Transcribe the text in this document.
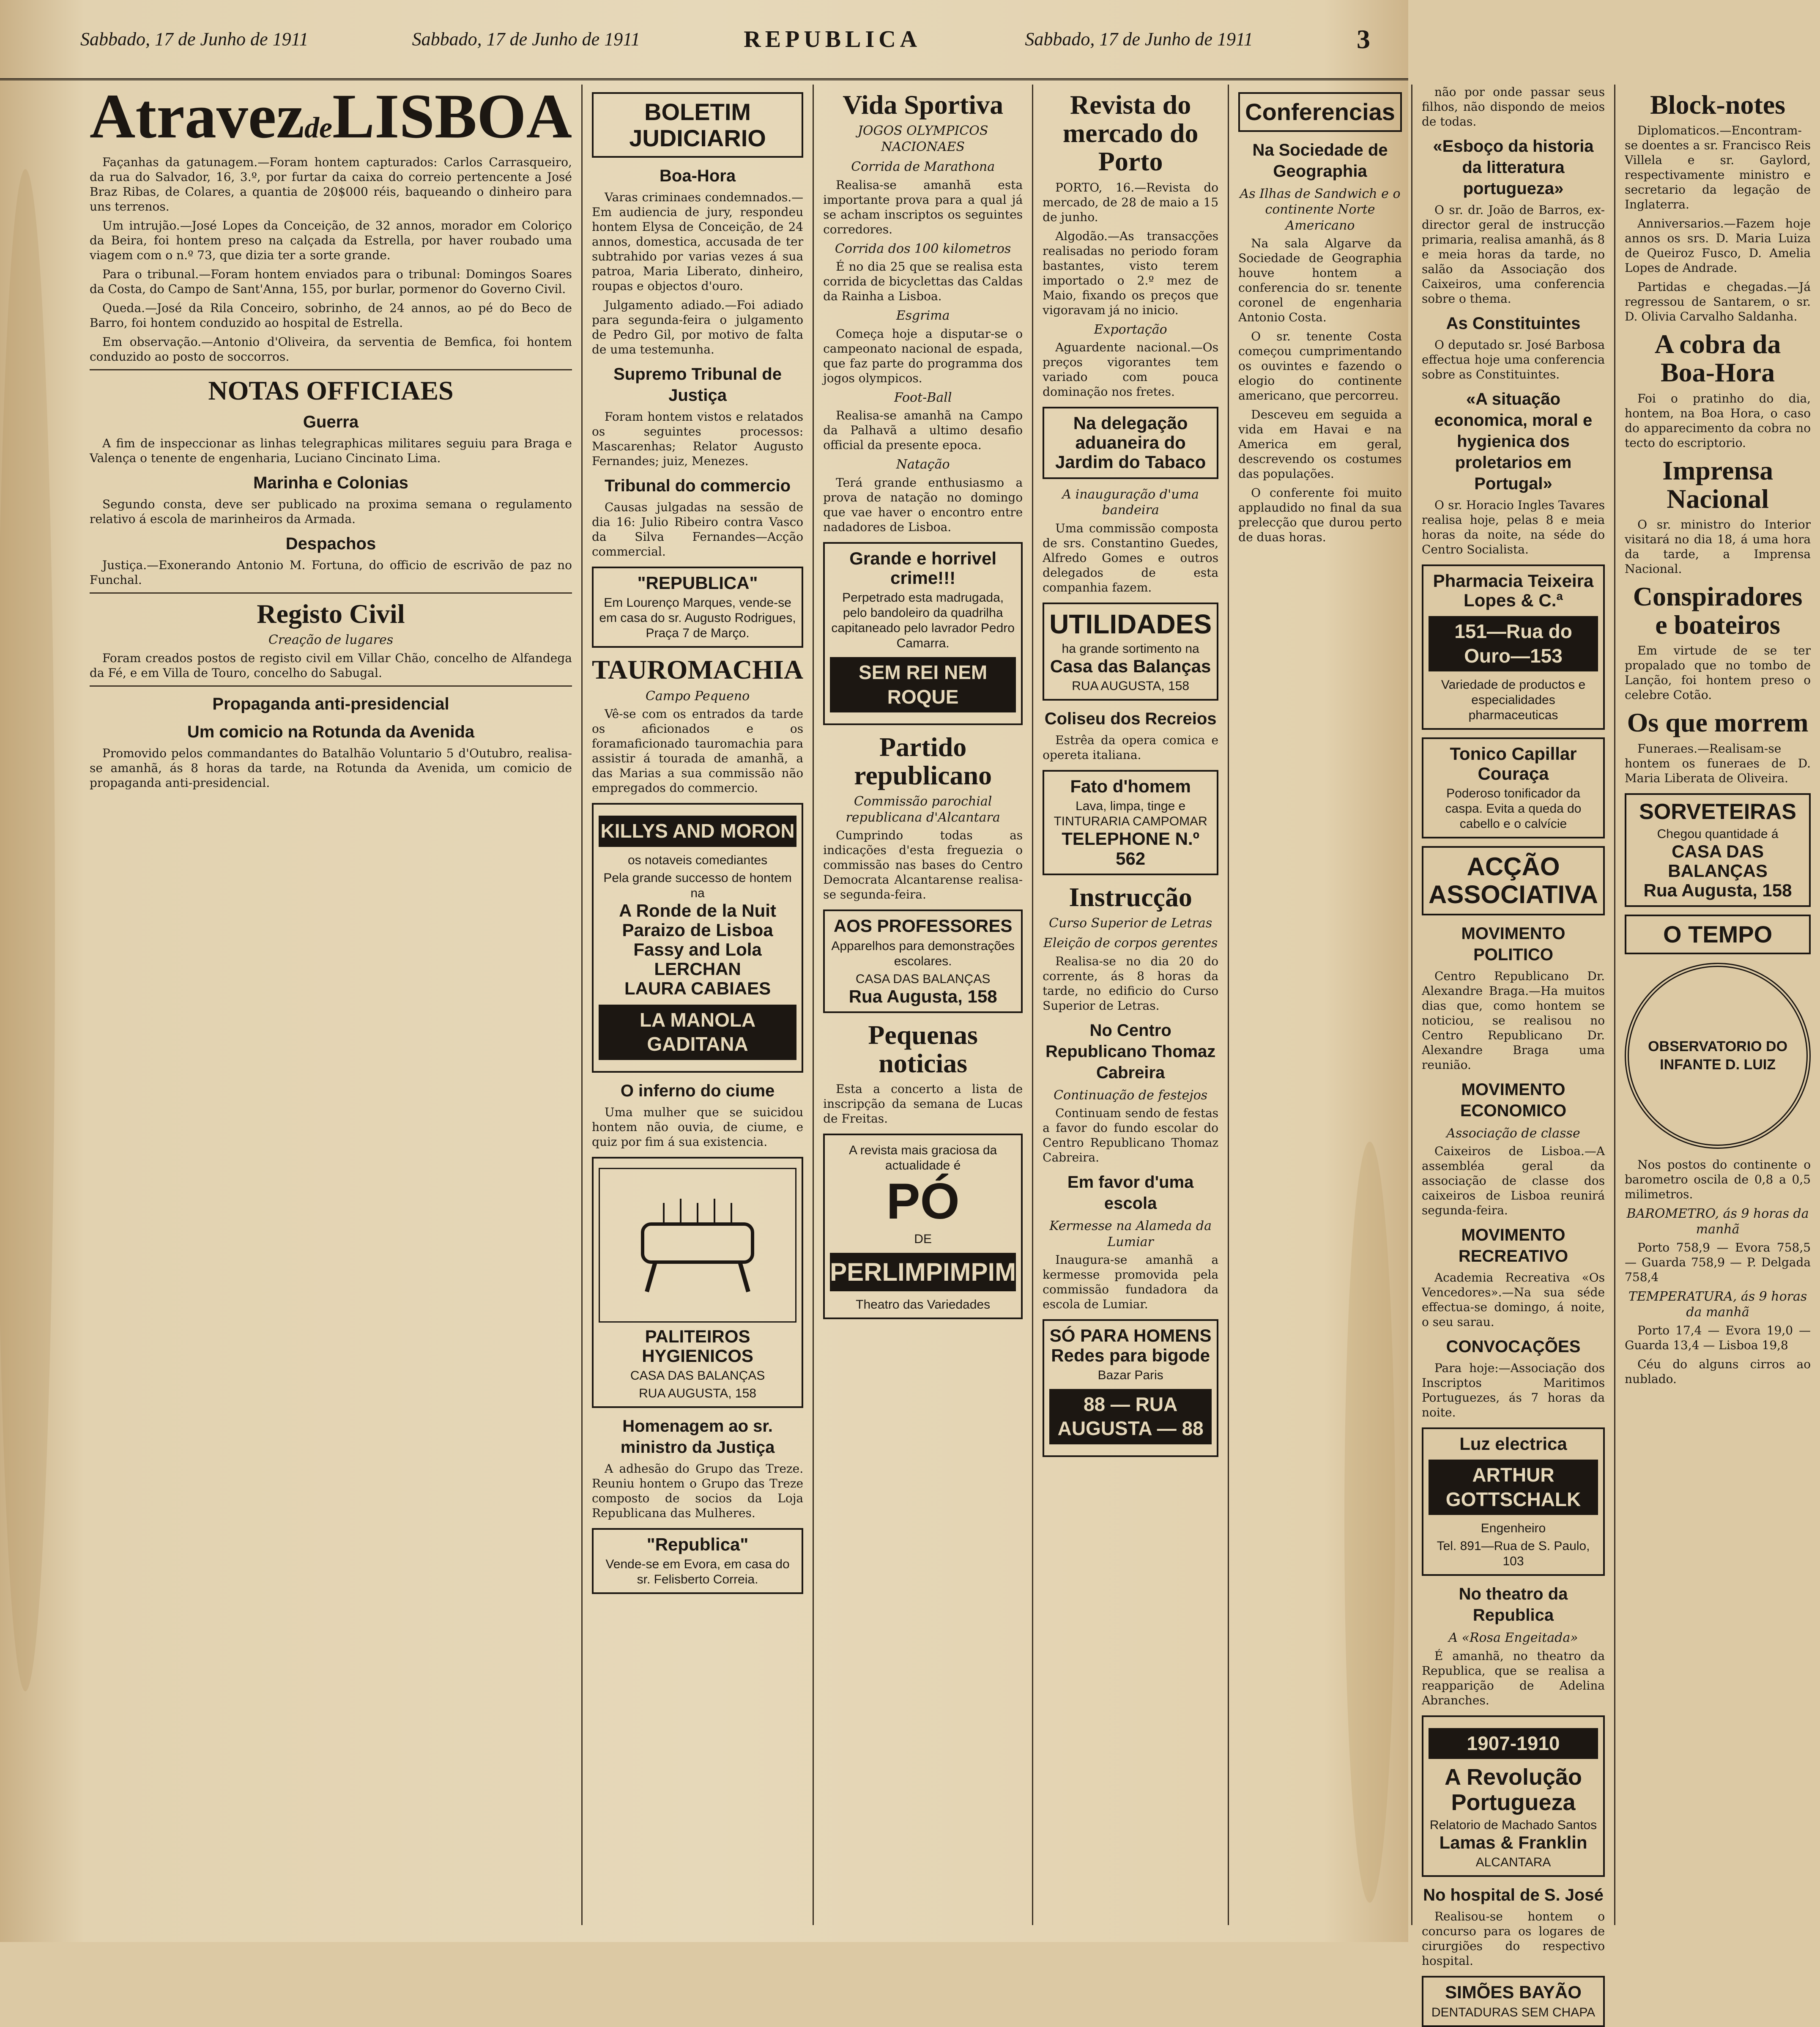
Sabbado, 17 de Junho de 1911	Sabbado, 17 de Junho de 1911	REPUBLICA	Sabbado, 17 de Junho de 1911	3
AtravezdeLISBOA

Façanhas da gatunagem.—Foram hontem capturados: Carlos Carrasqueiro, da rua do Salvador, 16, 3.º, por furtar da caixa do correio pertencente a José Braz Ribas, de Colares, a quantia de 20$000 réis, baqueando o dinheiro para uns terrenos.

Um intrujão.—José Lopes da Conceição, de 32 annos, morador em Coloriço da Beira, foi hontem preso na calçada da Estrella, por haver roubado uma viagem com o n.º 73, que dizia ter a sorte grande.

Para o tribunal.—Foram hontem enviados para o tribunal: Domingos Soares da Costa, do Campo de Sant'Anna, 155, por burlar, pormenor do Governo Civil.

Queda.—José da Rila Conceiro, sobrinho, de 24 annos, ao pé do Beco de Barro, foi hontem conduzido ao hospital de Estrella.

Em observação.—Antonio d'Oliveira, da serventia de Bemfica, foi hontem conduzido ao posto de soccorros.

NOTAS OFFICIAES
Guerra

A fim de inspeccionar as linhas telegraphicas militares seguiu para Braga e Valença o tenente de engenharia, Luciano Cincinato Lima.

Marinha e Colonias

Segundo consta, deve ser publicado na proxima semana o regulamento relativo á escola de marinheiros da Armada.

Despachos

Justiça.—Exonerando Antonio M. Fortuna, do officio de escrivão de paz no Funchal.

Registo Civil
Creação de lugares

Foram creados postos de registo civil em Villar Chão, concelho de Alfandega da Fé, e em Villa de Touro, concelho do Sabugal.

Propaganda anti-presidencial
Um comicio na Rotunda da Avenida

Promovido pelos commandantes do Batalhão Voluntario 5 d'Outubro, realisa-se amanhã, ás 8 horas da tarde, na Rotunda da Avenida, um comicio de propaganda anti-presidencial.

BOLETIM JUDICIARIO
Boa-Hora

Varas criminaes condemnados.—Em audiencia de jury, respondeu hontem Elysa de Conceição, de 24 annos, domestica, accusada de ter subtrahido por varias vezes á sua patroa, Maria Liberato, dinheiro, roupas e objectos d'ouro.

Julgamento adiado.—Foi adiado para segunda-feira o julgamento de Pedro Gil, por motivo de falta de uma testemunha.

Supremo Tribunal de Justiça

Foram hontem vistos e relatados os seguintes processos: Mascarenhas; Relator Augusto Fernandes; juiz, Menezes.

Tribunal do commercio

Causas julgadas na sessão de dia 16: Julio Ribeiro contra Vasco da Silva Fernandes—Acção commercial.

"REPUBLICA"
Em Lourenço Marques, vende-se em casa do sr. Augusto Rodrigues, Praça 7 de Março.
TAUROMACHIA
Campo Pequeno

Vê-se com os entrados da tarde os aficionados e os foramaficionado tauromachia para assistir á tourada de amanhã, a das Marias a sua commissão não empregados do commercio.

KILLYS AND MORON
os notaveis comediantes
Pela grande successo de hontem na
A Ronde de la Nuit
Paraizo de Lisboa
Fassy and Lola
LERCHAN
LAURA CABIAES
LA MANOLA GADITANA
O inferno do ciume

Uma mulher que se suicidou hontem não ouvia, de ciume, e quiz por fim á sua existencia.

PALITEIROS HYGIENICOS
CASA DAS BALANÇAS
RUA AUGUSTA, 158
Homenagem ao sr. ministro da Justiça

A adhesão do Grupo das Treze. Reuniu hontem o Grupo das Treze composto de socios da Loja Republicana das Mulheres.

"Republica"
Vende-se em Evora, em casa do sr. Felisberto Correia.
Vida Sportiva
JOGOS OLYMPICOS NACIONAES
Corrida de Marathona

Realisa-se amanhã esta importante prova para a qual já se acham inscriptos os seguintes corredores.

Corrida dos 100 kilometros

É no dia 25 que se realisa esta corrida de bicyclettas das Caldas da Rainha a Lisboa.

Esgrima

Começa hoje a disputar-se o campeonato nacional de espada, que faz parte do programma dos jogos olympicos.

Foot-Ball

Realisa-se amanhã na Campo da Palhavã a ultimo desafio official da presente epoca.

Natação

Terá grande enthusiasmo a prova de natação no domingo que vae haver o encontro entre nadadores de Lisboa.

Grande e horrivel crime!!!
Perpetrado esta madrugada, pelo bandoleiro da quadrilha capitaneado pelo lavrador Pedro Camarra.
SEM REI NEM ROQUE
Partido republicano
Commissão parochial republicana d'Alcantara

Cumprindo todas as indicações d'esta freguezia o commissão nas bases do Centro Democrata Alcantarense realisa-se segunda-feira.

AOS PROFESSORES
Apparelhos para demonstrações escolares.
CASA DAS BALANÇAS
Rua Augusta, 158
Pequenas noticias

Esta a concerto a lista de inscripção da semana de Lucas de Freitas.

A revista mais graciosa da actualidade é
PÓ
DE
PERLIMPIMPIM
Theatro das Variedades
Revista do mercado do Porto

PORTO, 16.—Revista do mercado, de 28 de maio a 15 de junho.

Algodão.—As transacções realisadas no periodo foram bastantes, visto terem importado o 2.º mez de Maio, fixando os preços que vigoravam já no inicio.

Exportação

Aguardente nacional.—Os preços vigorantes tem variado com pouca dominação nos fretes.

Na delegação aduaneira do Jardim do Tabaco
A inauguração d'uma bandeira

Uma commissão composta de srs. Constantino Guedes, Alfredo Gomes e outros delegados de esta companhia fazem.

UTILIDADES
ha grande sortimento na
Casa das Balanças
RUA AUGUSTA, 158
Coliseu dos Recreios

Estrêa da opera comica e opereta italiana.

Fato d'homem
Lava, limpa, tinge e TINTURARIA CAMPOMAR
TELEPHONE N.º 562
Instrucção
Curso Superior de Letras
Eleição de corpos gerentes

Realisa-se no dia 20 do corrente, ás 8 horas da tarde, no edificio do Curso Superior de Letras.

No Centro Republicano Thomaz Cabreira
Continuação de festejos

Continuam sendo de festas a favor do fundo escolar do Centro Republicano Thomaz Cabreira.

Em favor d'uma escola
Kermesse na Alameda da Lumiar

Inaugura-se amanhã a kermesse promovida pela commissão fundadora da escola de Lumiar.

SÓ PARA HOMENS
Redes para bigode
Bazar Paris
88 — RUA AUGUSTA — 88
Conferencias
Na Sociedade de Geographia
As Ilhas de Sandwich e o continente Norte Americano

Na sala Algarve da Sociedade de Geographia houve hontem a conferencia do sr. tenente coronel de engenharia Antonio Costa.

O sr. tenente Costa começou cumprimentando os ouvintes e fazendo o elogio do continente americano, que percorreu.

Desceveu em seguida a vida em Havai e na America em geral, descrevendo os costumes das populações.

O conferente foi muito applaudido no final da sua prelecção que durou perto de duas horas.

não por onde passar seus filhos, não dispondo de meios de todas.

«Esboço da historia da litteratura portugueza»

O sr. dr. João de Barros, ex-director geral de instrucção primaria, realisa amanhã, ás 8 e meia horas da tarde, no salão da Associação dos Caixeiros, uma conferencia sobre o thema.

As Constituintes

O deputado sr. José Barbosa effectua hoje uma conferencia sobre as Constituintes.

«A situação economica, moral e hygienica dos proletarios em Portugal»

O sr. Horacio Ingles Tavares realisa hoje, pelas 8 e meia horas da noite, na séde do Centro Socialista.

Pharmacia Teixeira Lopes & C.ª
151—Rua do Ouro—153
Variedade de productos e especialidades pharmaceuticas
Tonico Capillar Couraça
Poderoso tonificador da caspa. Evita a queda do cabello e o calvície
ACÇÃO ASSOCIATIVA
MOVIMENTO POLITICO

Centro Republicano Dr. Alexandre Braga.—Ha muitos dias que, como hontem se noticiou, se realisou no Centro Republicano Dr. Alexandre Braga uma reunião.

MOVIMENTO ECONOMICO
Associação de classe

Caixeiros de Lisboa.—A assembléa geral da associação de classe dos caixeiros de Lisboa reunirá segunda-feira.

MOVIMENTO RECREATIVO

Academia Recreativa «Os Vencedores».—Na sua séde effectua-se domingo, á noite, o seu sarau.

CONVOCAÇÕES

Para hoje:—Associação dos Inscriptos Maritimos Portuguezes, ás 7 horas da noite.

Luz electrica
ARTHUR GOTTSCHALK
Engenheiro
Tel. 891—Rua de S. Paulo, 103
No theatro da Republica
A «Rosa Engeitada»

É amanhã, no theatro da Republica, que se realisa a reapparição de Adelina Abranches.

1907-1910
A Revolução Portugueza
Relatorio de Machado Santos
Lamas & Franklin
ALCANTARA
No hospital de S. José

Realisou-se hontem o concurso para os logares de cirurgiões do respectivo hospital.

SIMÕES BAYÃO
DENTADURAS SEM CHAPA
Block-notes

Diplomaticos.—Encontram-se doentes a sr. Francisco Reis Villela e sr. Gaylord, respectivamente ministro e secretario da legação de Inglaterra.

Anniversarios.—Fazem hoje annos os srs. D. Maria Luiza de Queiroz Fusco, D. Amelia Lopes de Andrade.

Partidas e chegadas.—Já regressou de Santarem, o sr. D. Olivia Carvalho Saldanha.

A cobra da Boa-Hora

Foi o pratinho do dia, hontem, na Boa Hora, o caso do apparecimento da cobra no tecto do escriptorio.

Imprensa Nacional

O sr. ministro do Interior visitará no dia 18, á uma hora da tarde, a Imprensa Nacional.

Conspiradores e boateiros

Em virtude de se ter propalado que no tombo de Lanção, foi hontem preso o celebre Cotão.

Os que morrem

Funeraes.—Realisam-se hontem os funeraes de D. Maria Liberata de Oliveira.

SORVETEIRAS
Chegou quantidade á
CASA DAS BALANÇAS
Rua Augusta, 158
O TEMPO
OBSERVATORIO DO INFANTE D. LUIZ

Nos postos do continente o barometro oscila de 0,8 a 0,5 milimetros.

BAROMETRO, ás 9 horas da manhã

Porto 758,9 — Evora 758,5 — Guarda 758,9 — P. Delgada 758,4

TEMPERATURA, ás 9 horas da manhã

Porto 17,4 — Evora 19,0 — Guarda 13,4 — Lisboa 19,8

Céu do alguns cirros ao nublado.
